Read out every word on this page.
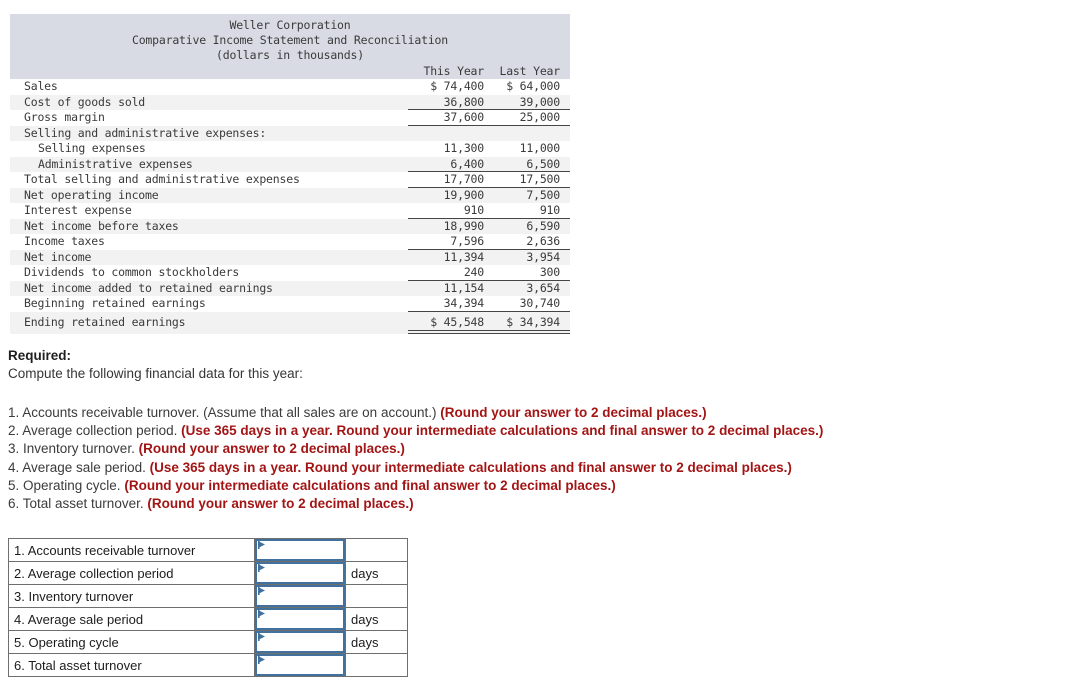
Weller Corporation
Comparative Income Statement and Reconciliation
(dollars in thousands)
This Year	Last Year
Sales	$ 74,400	$ 64,000
Cost of goods sold	36,800	39,000
Gross margin	37,600	25,000
Selling and administrative expenses:
Selling expenses	11,300	11,000
Administrative expenses	6,400	6,500
Total selling and administrative expenses	17,700	17,500
Net operating income	19,900	7,500
Interest expense	910	910
Net income before taxes	18,990	6,590
Income taxes	7,596	2,636
Net income	11,394	3,954
Dividends to common stockholders	240	300
Net income added to retained earnings	11,154	3,654
Beginning retained earnings	34,394	30,740
Ending retained earnings	$ 45,548	$ 34,394
Required:
Compute the following financial data for this year:
1. Accounts receivable turnover. (Assume that all sales are on account.) (Round your answer to 2 decimal places.)
2. Average collection period. (Use 365 days in a year. Round your intermediate calculations and final answer to 2 decimal places.)
3. Inventory turnover. (Round your answer to 2 decimal places.)
4. Average sale period. (Use 365 days in a year. Round your intermediate calculations and final answer to 2 decimal places.)
5. Operating cycle. (Round your intermediate calculations and final answer to 2 decimal places.)
6. Total asset turnover. (Round your answer to 2 decimal places.)
1. Accounts receivable turnover	

2. Average collection period		days
3. Inventory turnover	

4. Average sale period		days
5. Operating cycle		days
6. Total asset turnover	
